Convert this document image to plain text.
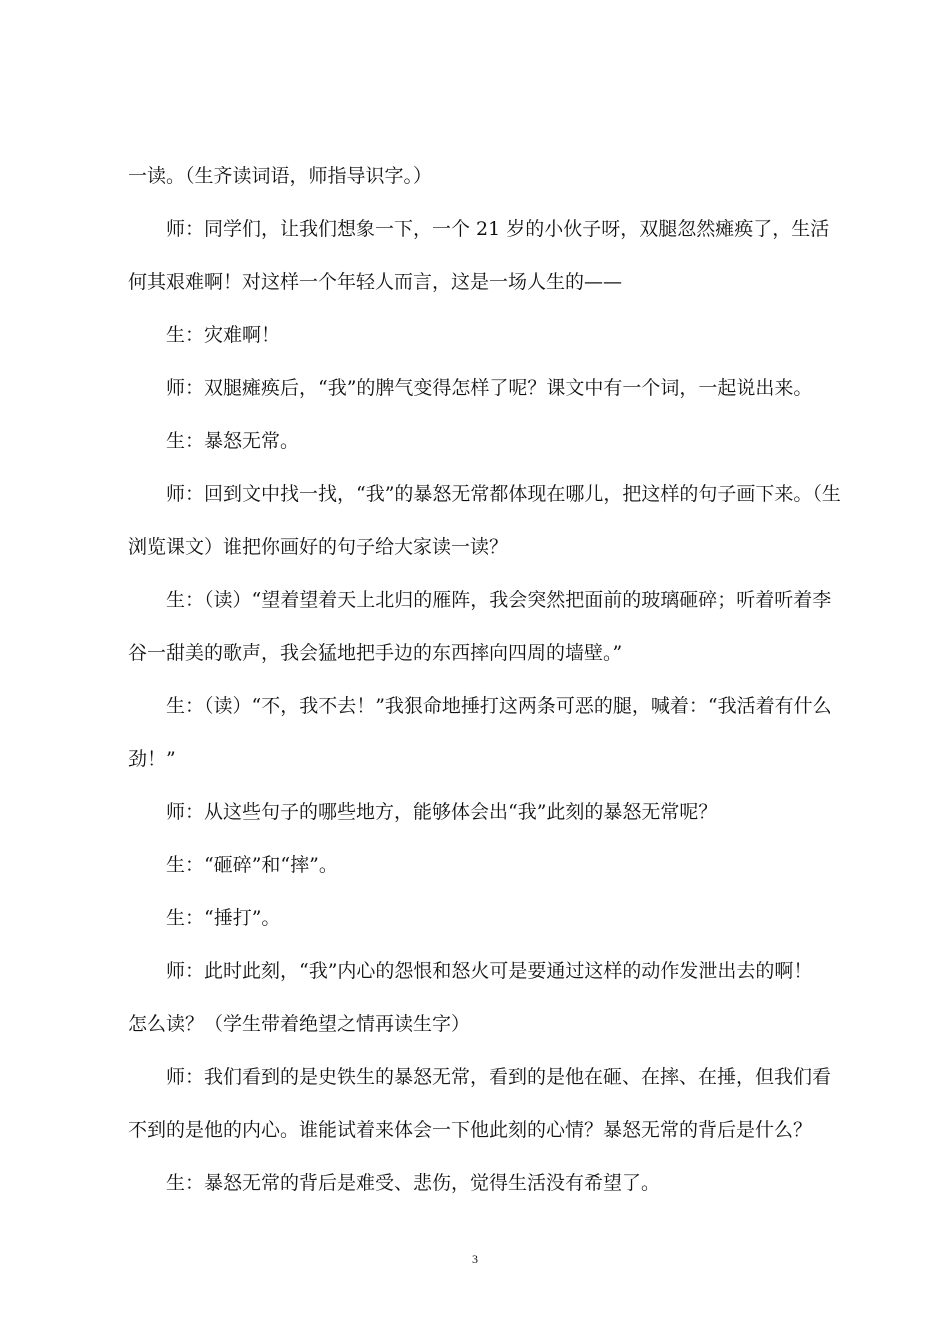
一读。（生齐读词语，师指导识字。）
师：同学们，让我们想象一下，一个 21 岁的小伙子呀，双腿忽然瘫痪了，生活
何其艰难啊！对这样一个年轻人而言，这是一场人生的——
生：灾难啊！
师：双腿瘫痪后，“我”的脾气变得怎样了呢？课文中有一个词，一起说出来。
生：暴怒无常。
师：回到文中找一找，“我”的暴怒无常都体现在哪儿，把这样的句子画下来。（生
浏览课文）谁把你画好的句子给大家读一读？
生：（读）“望着望着天上北归的雁阵，我会突然把面前的玻璃砸碎；听着听着李
谷一甜美的歌声，我会猛地把手边的东西摔向四周的墙壁。”
生：（读）“不，我不去！”我狠命地捶打这两条可恶的腿，喊着：“我活着有什么
劲！”
师：从这些句子的哪些地方，能够体会出“我”此刻的暴怒无常呢？
生：“砸碎”和“摔”。
生：“捶打”。
师：此时此刻，“我”内心的怨恨和怒火可是要通过这样的动作发泄出去的啊！
怎么读？（学生带着绝望之情再读生字）
师：我们看到的是史铁生的暴怒无常，看到的是他在砸、在摔、在捶，但我们看
不到的是他的内心。谁能试着来体会一下他此刻的心情？暴怒无常的背后是什么？
生：暴怒无常的背后是难受、悲伤，觉得生活没有希望了。
3
